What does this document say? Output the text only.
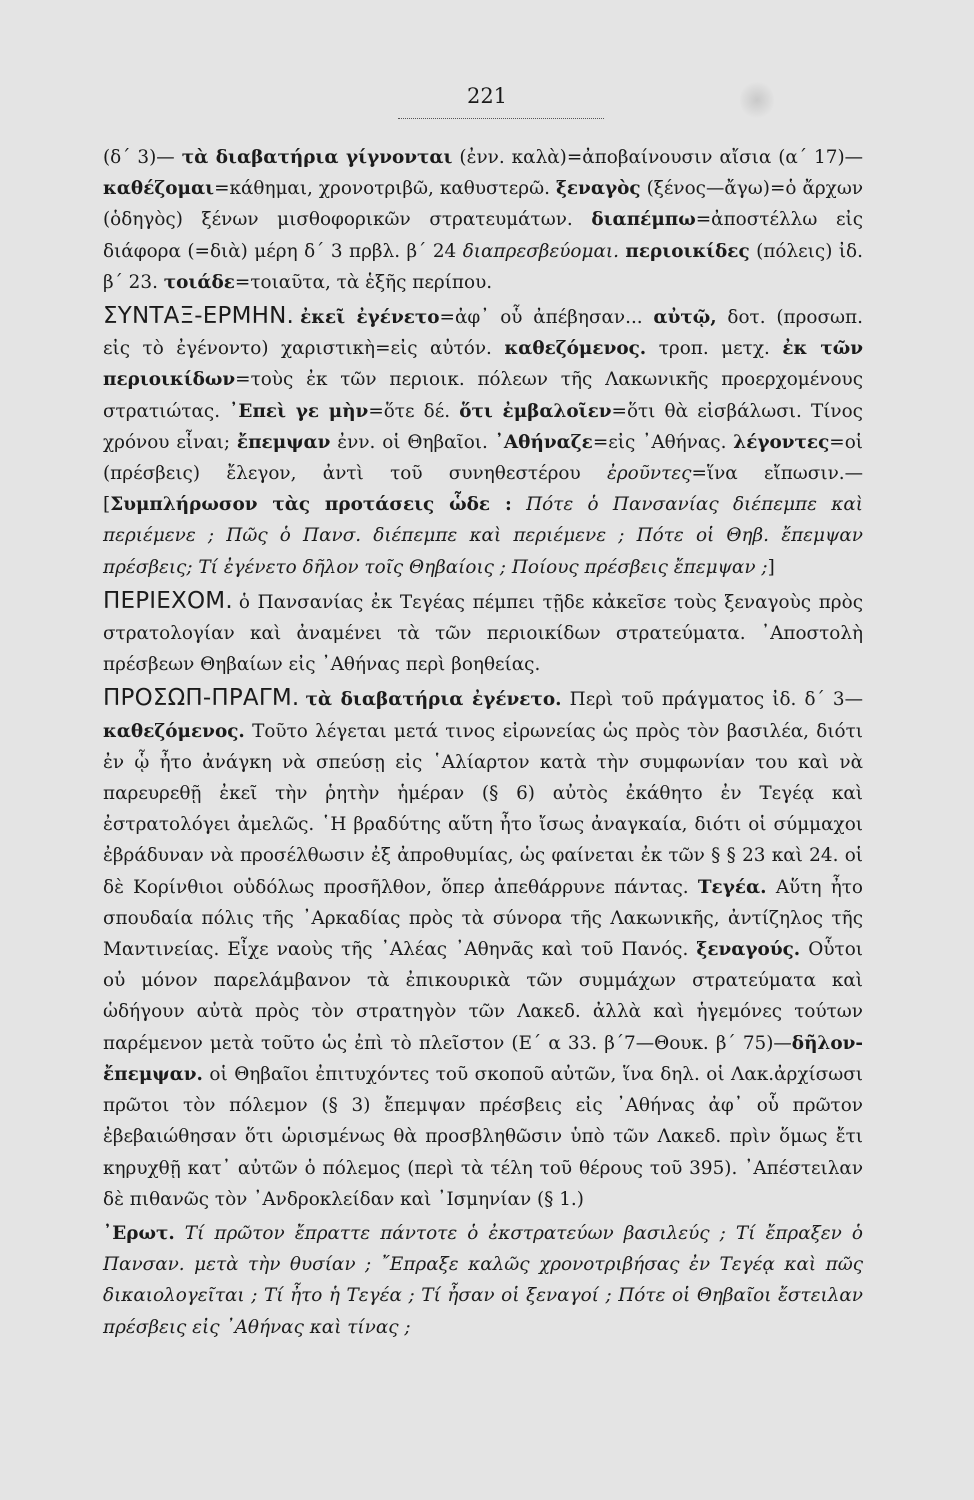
221

(δ΄ 3)— τὰ διαβατήρια γίγνονται (ἐνν. καλὰ)=ἀποβαίνουσιν αἴσια (α΄ 17)— καθέζομαι=κάθημαι, χρονοτριβῶ, καθυστερῶ. ξεναγὸς (ξένος—ἄγω)=ὁ ἄρχων (ὁδηγὸς) ξένων μισθοφορικῶν στρατευμάτων. διαπέμπω=ἀποστέλλω εἰς διάφορα (=διὰ) μέρη δ΄ 3 πρβλ. β΄ 24 διαπρεσβεύομαι. περιοικίδες (πόλεις) ἰδ. β΄ 23. τοιάδε=τοιαῦτα, τὰ ἑξῆς περίπου.

ΣΥΝΤΑΞ-ΕΡΜΗΝ. ἐκεῖ ἐγένετο=ἀφ᾿ οὗ ἀπέβησαν... αὐτῷ, δοτ. (προσωπ. εἰς τὸ ἐγένοντο) χαριστικὴ=εἰς αὐτόν. καθεζόμενος. τροπ. μετχ. ἐκ τῶν περιοικίδων=τοὺς ἐκ τῶν περιοικ. πόλεων τῆς Λακωνικῆς προερχομένους στρατιώτας. ᾿Επεὶ γε μὴν=ὅτε δέ. ὅτι ἐμβαλοῖεν=ὅτι θὰ εἰσβάλωσι. Τίνος χρόνου εἶναι; ἔπεμψαν ἐνν. οἱ Θηβαῖοι. ᾿Αθήναζε=εἰς ᾿Αθήνας. λέγοντες=οἱ (πρέσβεις) ἔλεγον, ἀντὶ τοῦ συνηθεστέρου ἐροῦντες=ἵνα εἴπωσιν.— [Συμπλήρωσον τὰς προτάσεις ὧδε : Πότε ὁ Πανσανίας διέπεμπε καὶ περιέμενε ; Πῶς ὁ Πανσ. διέπεμπε καὶ περιέμενε ; Πότε οἱ Θηβ. ἔπεμψαν πρέσβεις; Τί ἐγένετο δῆλον τοῖς Θηβαίοις ; Ποίους πρέσβεις ἔπεμψαν ;]

ΠΕΡΙΕΧΟΜ. ὁ Πανσανίας ἐκ Τεγέας πέμπει τῇδε κἀκεῖσε τοὺς ξεναγοὺς πρὸς στρατολογίαν καὶ ἀναμένει τὰ τῶν περιοικίδων στρατεύματα. ᾿Αποστολὴ πρέσβεων Θηβαίων εἰς ᾿Αθήνας περὶ βοηθείας.

ΠΡΟΣΩΠ-ΠΡΑΓΜ. τὰ διαβατήρια ἐγένετο. Περὶ τοῦ πράγματος ἰδ. δ΄ 3—καθεζόμενος. Τοῦτο λέγεται μετά τινος εἰρωνείας ὡς πρὸς τὸν βασιλέα, διότι ἐν ᾧ ἦτο ἀνάγκη νὰ σπεύσῃ εἰς ῾Αλίαρτον κατὰ τὴν συμφωνίαν του καὶ νὰ παρευρεθῇ ἐκεῖ τὴν ῥητὴν ἡμέραν (§ 6) αὐτὸς ἐκάθητο ἐν Τεγέᾳ καὶ ἐστρατολόγει ἀμελῶς. ῾Η βραδύτης αὕτη ἦτο ἴσως ἀναγκαία, διότι οἱ σύμμαχοι ἐβράδυναν νὰ προσέλθωσιν ἐξ ἀπροθυμίας, ὡς φαίνεται ἐκ τῶν § § 23 καὶ 24. οἱ δὲ Κορίνθιοι οὐδόλως προσῆλθον, ὅπερ ἀπεθάρρυνε πάντας. Τεγέα. Αὕτη ἦτο σπουδαία πόλις τῆς ᾿Αρκαδίας πρὸς τὰ σύνορα τῆς Λακωνικῆς, ἀντίζηλος τῆς Μαντινείας. Εἶχε ναοὺς τῆς ᾿Αλέας ᾿Αθηνᾶς καὶ τοῦ Πανός. ξεναγούς. Οὗτοι οὐ μόνον παρελάμβανον τὰ ἐπικουρικὰ τῶν συμμάχων στρατεύματα καὶ ὡδήγουν αὐτὰ πρὸς τὸν στρατηγὸν τῶν Λακεδ. ἀλλὰ καὶ ἡγεμόνες τούτων παρέμενον μετὰ τοῦτο ὡς ἐπὶ τὸ πλεῖστον (Ε΄ α 33. β΄7—Θουκ. β΄ 75)—δῆλον-ἔπεμψαν. οἱ Θηβαῖοι ἐπιτυχόντες τοῦ σκοποῦ αὐτῶν, ἵνα δηλ. οἱ Λακ.ἀρχίσωσι πρῶτοι τὸν πόλεμον (§ 3) ἔπεμψαν πρέσβεις εἰς ᾿Αθήνας ἀφ᾿ οὗ πρῶτον ἐβεβαιώθησαν ὅτι ὡρισμένως θὰ προσβληθῶσιν ὑπὸ τῶν Λακεδ. πρὶν ὅμως ἔτι κηρυχθῇ κατ᾿ αὐτῶν ὁ πόλεμος (περὶ τὰ τέλη τοῦ θέρους τοῦ 395). ᾿Απέστειλαν δὲ πιθανῶς τὸν ᾿Ανδροκλείδαν καὶ ᾿Ισμηνίαν (§ 1.)

᾿Ερωτ. Τί πρῶτον ἔπραττε πάντοτε ὁ ἐκστρατεύων βασιλεύς ; Τί ἔπραξεν ὁ Πανσαν. μετὰ τὴν θυσίαν ; ῎Επραξε καλῶς χρονοτριβήσας ἐν Τεγέᾳ καὶ πῶς δικαιολογεῖται ; Τί ἦτο ἡ Τεγέα ; Τί ἦσαν οἱ ξεναγοί ; Πότε οἱ Θηβαῖοι ἔστειλαν πρέσβεις εἰς ᾿Αθήνας καὶ τίνας ;
